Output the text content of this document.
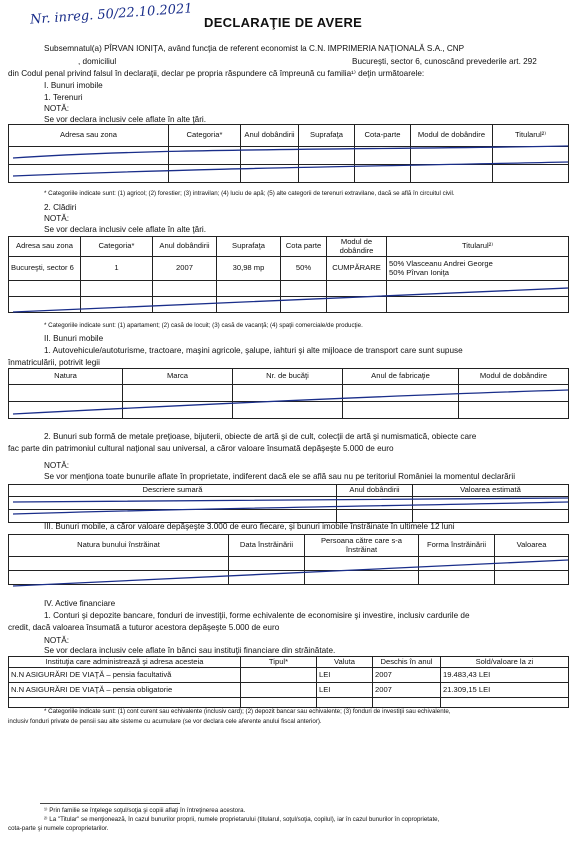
Nr. inreg. 50/22.10.2021 DECLARAŢIE DE AVERE
Subsemnatul(a) PÎRVAN IONIŢA, având funcţia de referent economist la C.N. IMPRIMERIA NAŢIONALĂ S.A., CNP
, domiciliul	Bucureşti, sector 6, cunoscând prevederile art. 292
din Codul penal privind falsul în declaraţii, declar pe propria răspundere că împreună cu familia¹⁾ deţin următoarele:
I. Bunuri imobile
1. Terenuri
NOTĂ:
Se vor declara inclusiv cele aflate în alte ţări.
Adresa sau zona	Categoria*	Anul dobândirii	Suprafaţa	Cota-parte	Modul de dobândire	Titularul²⁾

* Categoriile indicate sunt: (1) agricol; (2) forestier; (3) intravilan; (4) luciu de apă; (5) alte categorii de terenuri extravilane, dacă se află în circuitul civil.
2. Clădiri
NOTĂ:
Se vor declara inclusiv cele aflate în alte ţări.
Adresa sau zona	Categoria*	Anul dobândirii	Suprafaţa	Cota parte	Modul de dobândire	Titularul²⁾
Bucureşti, sector 6	1	2007	30,98 mp	50%	CUMPĂRARE	50% Vlasceanu Andrei George
50% Pîrvan Ioniţa

* Categoriile indicate sunt: (1) apartament; (2) casă de locuit; (3) casă de vacanţă; (4) spaţii comerciale/de producţie.
II. Bunuri mobile
1. Autovehicule/autoturisme, tractoare, maşini agricole, şalupe, iahturi şi alte mijloace de transport care sunt supuse
înmatriculării, potrivit legii
Natura	Marca	Nr. de bucăţi	Anul de fabricaţie	Modul de dobândire

2. Bunuri sub formă de metale preţioase, bijuterii, obiecte de artă şi de cult, colecţii de artă şi numismatică, obiecte care
fac parte din patrimoniul cultural naţional sau universal, a căror valoare însumată depăşeşte 5.000 de euro
NOTĂ:
Se vor menţiona toate bunurile aflate în proprietate, indiferent dacă ele se află sau nu pe teritoriul României la momentul declarării
Descriere sumară	Anul dobândirii	Valoarea estimată

III. Bunuri mobile, a căror valoare depăşeşte 3.000 de euro fiecare, şi bunuri imobile înstrăinate în ultimele 12 luni
Natura bunului înstrăinat	Data înstrăinării	Persoana către care s-a înstrăinat	Forma înstrăinării	Valoarea

IV. Active financiare
1. Conturi şi depozite bancare, fonduri de investiţii, forme echivalente de economisire şi investire, inclusiv cardurile de
credit, dacă valoarea însumată a tuturor acestora depăşeşte 5.000 de euro
NOTĂ:
Se vor declara inclusiv cele aflate în bănci sau instituţii financiare din străinătate.
Instituţia care administrează şi adresa acesteia	Tipul*	Valuta	Deschis în anul	Sold/valoare la zi
N.N ASIGURĂRI DE VIAŢĂ – pensia facultativă		LEI	2007	19.483,43 LEI
N.N ASIGURĂRI DE VIAŢĂ – pensia obligatorie		LEI	2007	21.309,15 LEI

* Categoriile indicate sunt: (1) cont curent sau echivalente (inclusiv card); (2) depozit bancar sau echivalente; (3) fonduri de investiţii sau echivalente,
inclusiv fonduri private de pensii sau alte sisteme cu acumulare (se vor declara cele aferente anului fiscal anterior).
¹⁾ Prin familie se înţelege soţul/soţia şi copiii aflaţi în întreţinerea acestora.
²⁾ La "Titular" se menţionează, în cazul bunurilor proprii, numele proprietarului (titularul, soţul/soţia, copilul), iar în cazul bunurilor în coproprietate,
cota-parte şi numele coproprietarilor.
